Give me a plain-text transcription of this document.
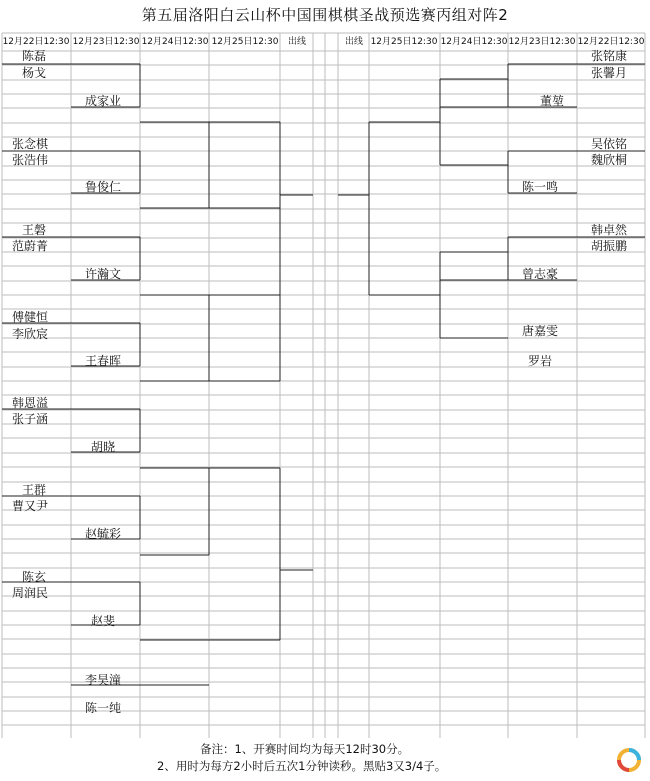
第五届洛阳白云山杯中国围棋棋圣战预选赛丙组对阵2
12月22日12:30 12月23日12:30 12月24日12:30 12月25日12:30	出线	出线 12月25日12:30 12月24日12:30 12月23日12:30 12月22日12:30
陈磊
杨戈
张念棋
张浩伟
王磐
范蔚菁
傅健恒
李欣宸
韩恩溢
张子涵
王群
曹又尹
陈玄
周润民
成家业
鲁俊仁
许瀚文
王春晖
胡晓
赵毓彩
赵斐
李昊潼
陈一纯
张铭康
张馨月
吴依铭
魏欣桐
韩卓然
胡振鹏
董堃
陈一鸣
曾志豪
唐嘉雯
罗岩
备注：1、开赛时间均为每天12时30分。
2、用时为每方2小时后五次1分钟读秒。黑贴3又3/4子。
